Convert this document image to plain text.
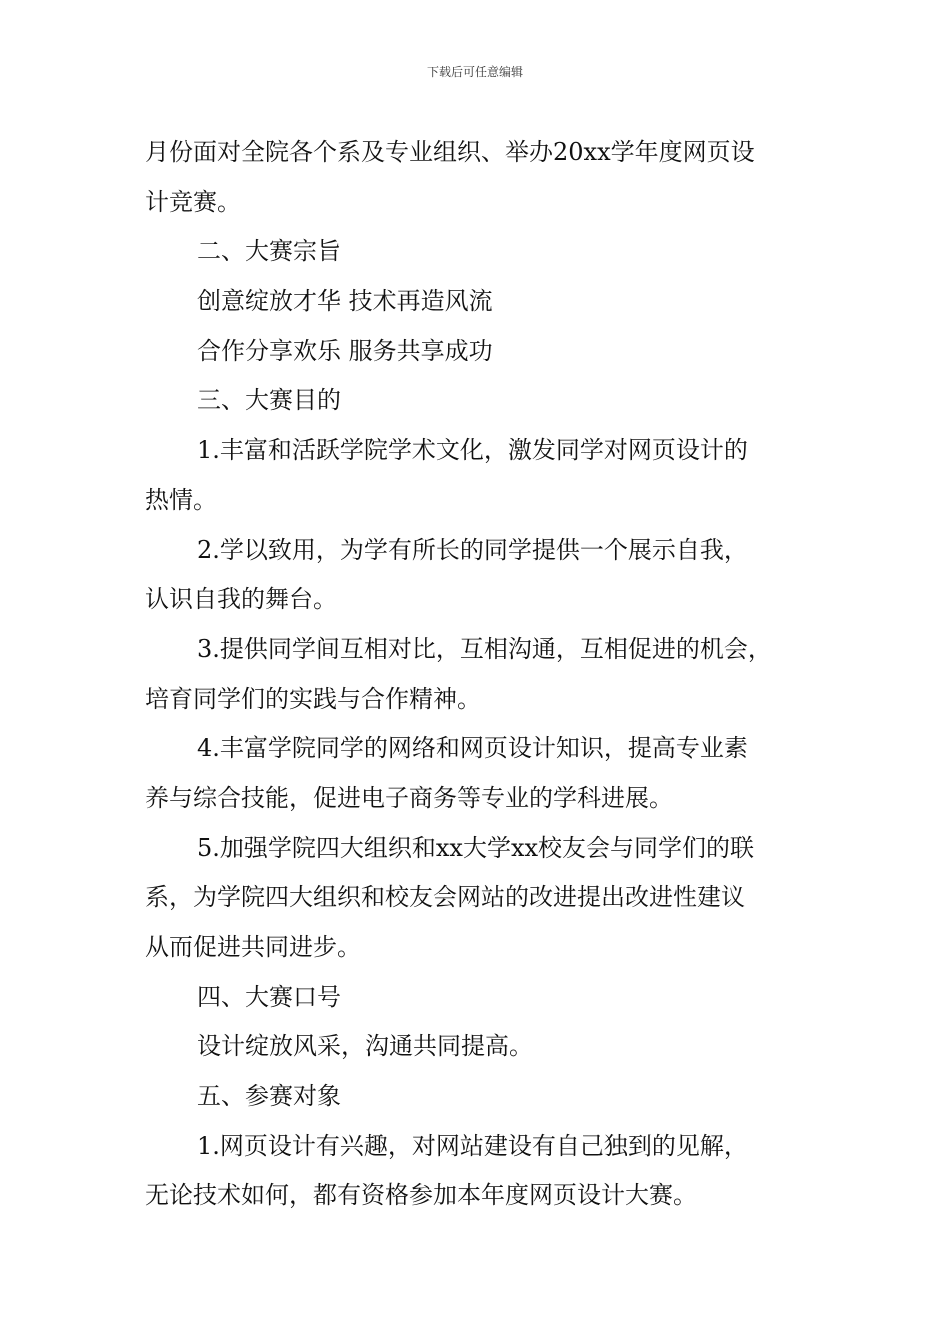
下载后可任意编辑
月份面对全院各个系及专业组织、举办20xx学年度网页设
计竞赛。
二、大赛宗旨
创意绽放才华 技术再造风流
合作分享欢乐 服务共享成功
三、大赛目的
1.丰富和活跃学院学术文化，激发同学对网页设计的
热情。
2.学以致用，为学有所长的同学提供一个展示自我，
认识自我的舞台。
3.提供同学间互相对比，互相沟通，互相促进的机会，
培育同学们的实践与合作精神。
4.丰富学院同学的网络和网页设计知识，提高专业素
养与综合技能，促进电子商务等专业的学科进展。
5.加强学院四大组织和xx大学xx校友会与同学们的联
系，为学院四大组织和校友会网站的改进提出改进性建议
从而促进共同进步。
四、大赛口号
设计绽放风采，沟通共同提高。
五、参赛对象
1.网页设计有兴趣，对网站建设有自己独到的见解，
无论技术如何，都有资格参加本年度网页设计大赛。
